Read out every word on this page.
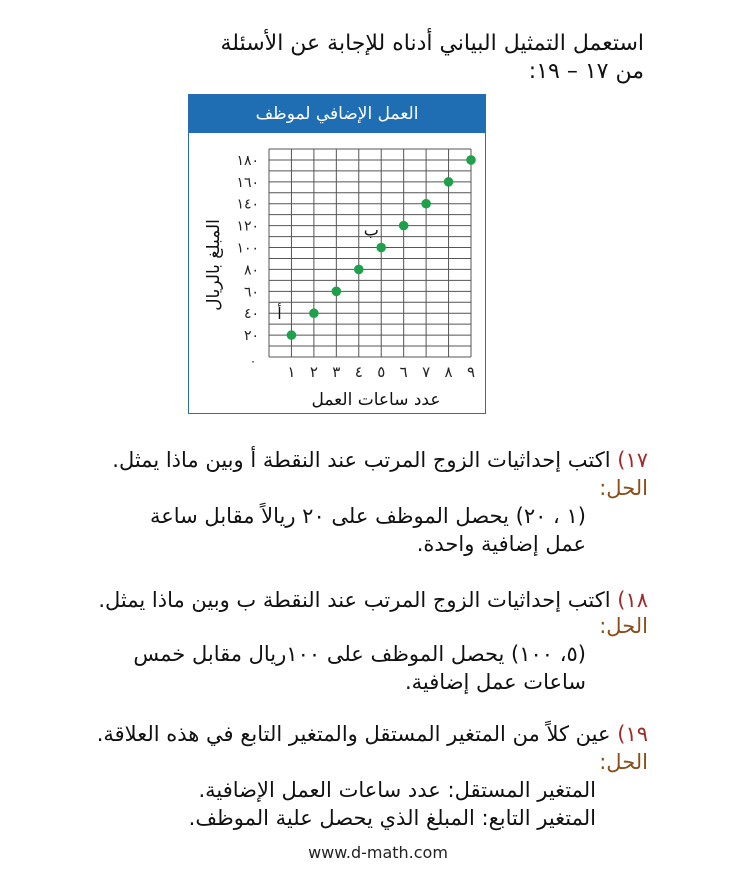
استعمل التمثيل البياني أدناه للإجابة عن الأسئلة
من ١٧ – ١٩:
العمل الإضافي لموظف
٢٠
٤٠
٦٠
٨٠
١٠٠
١٢٠
١٤٠
١٦٠
١٨٠
٠
١ ٢ ٣ ٤ ٥ ٦ ٧ ٨ ٩
عدد ساعات العمل
المبلغ بالريال
أ
ب
١٧) اكتب إحداثيات الزوج المرتب عند النقطة أ وبين ماذا يمثل.
الحل:
(١ ، ٢٠) يحصل الموظف على ٢٠ ريالاً مقابل ساعة
عمل إضافية واحدة.
١٨) اكتب إحداثيات الزوج المرتب عند النقطة ب وبين ماذا يمثل.
الحل:
(٥، ١٠٠) يحصل الموظف على ١٠٠ريال مقابل خمس
ساعات عمل إضافية.
١٩) عين كلاً من المتغير المستقل والمتغير التابع في هذه العلاقة.
الحل:
المتغير المستقل: عدد ساعات العمل الإضافية.
المتغير التابع: المبلغ الذي يحصل علية الموظف.
www.d-math.com
